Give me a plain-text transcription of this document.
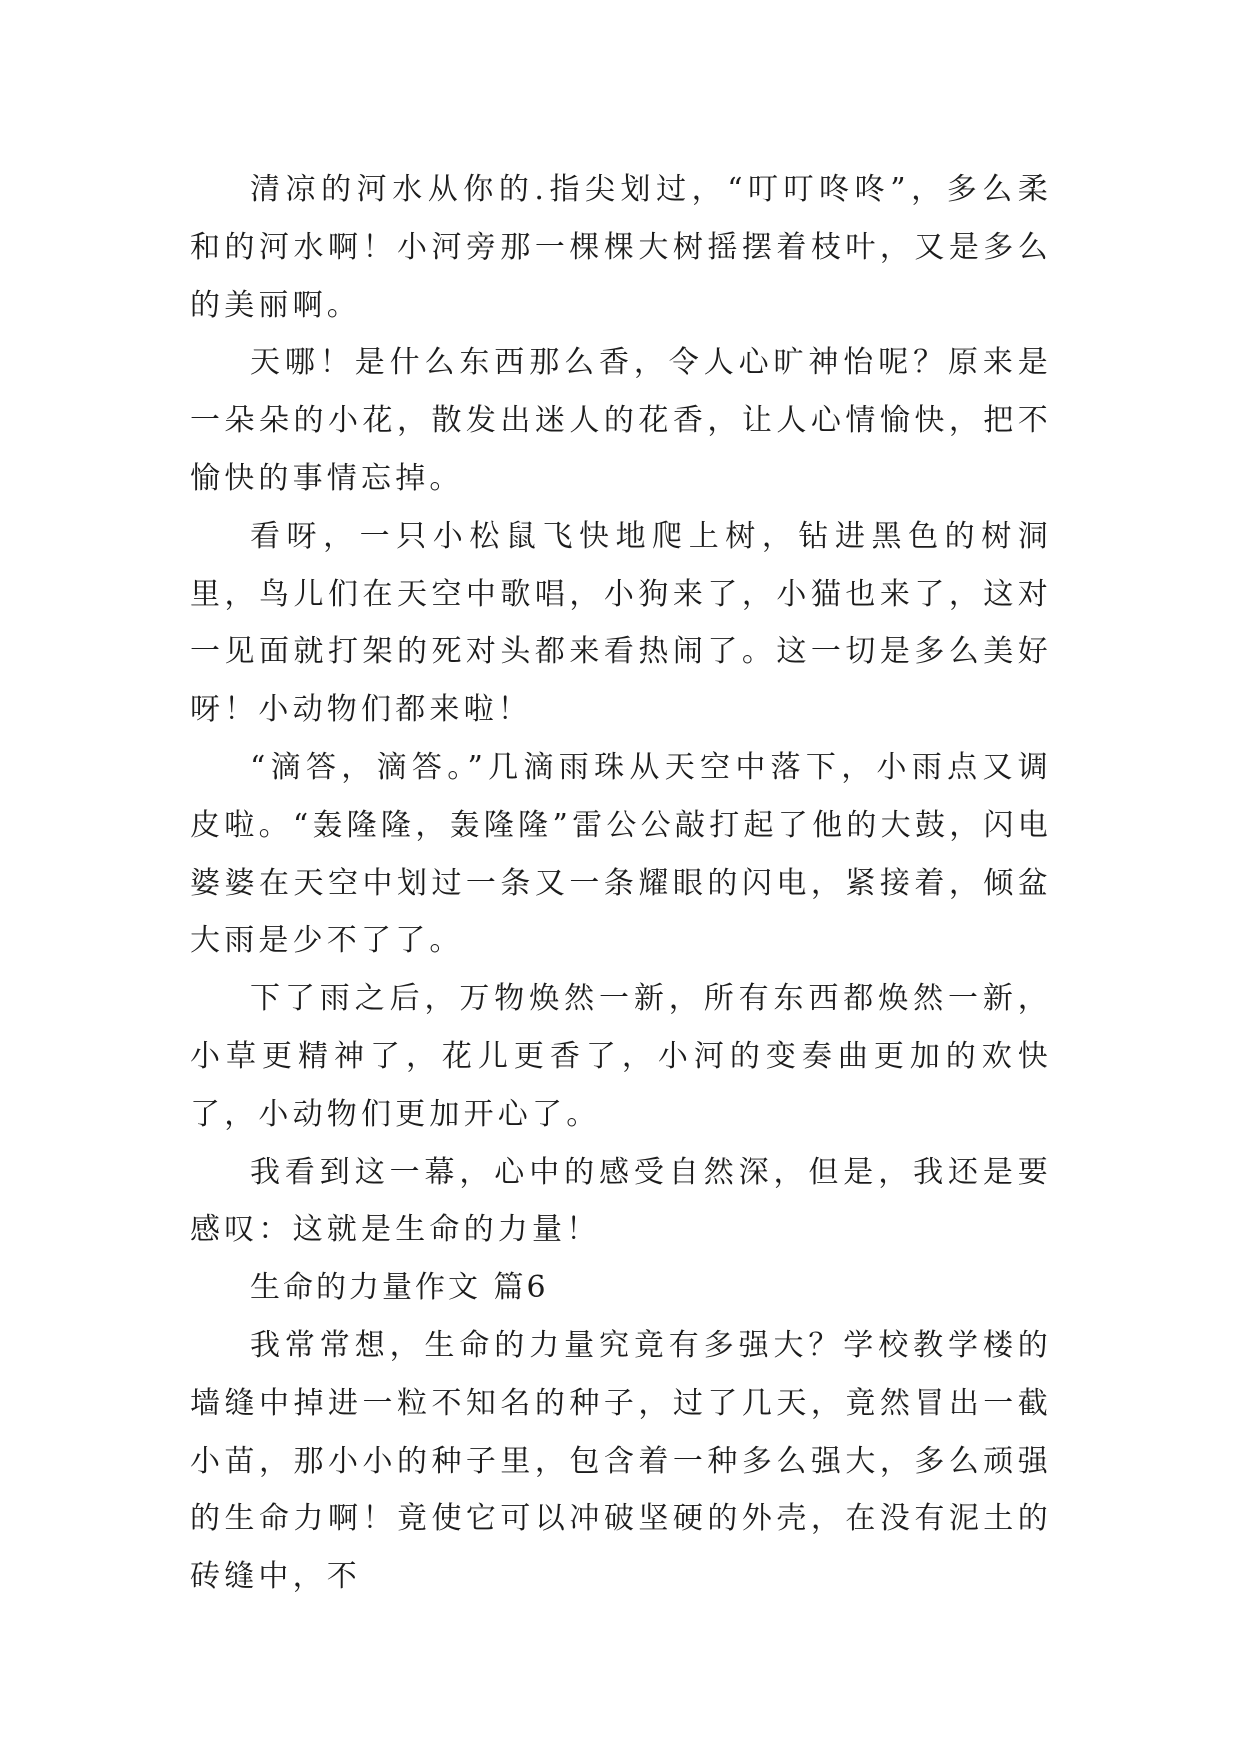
清凉的河水从你的.指尖划过，“叮叮咚咚”，多么柔和的河水啊！小河旁那一棵棵大树摇摆着枝叶，又是多么的美丽啊。

天哪！是什么东西那么香，令人心旷神怡呢？原来是一朵朵的小花，散发出迷人的花香，让人心情愉快，把不愉快的事情忘掉。

看呀，一只小松鼠飞快地爬上树，钻进黑色的树洞里，鸟儿们在天空中歌唱，小狗来了，小猫也来了，这对一见面就打架的死对头都来看热闹了。这一切是多么美好呀！小动物们都来啦！

“滴答，滴答。”几滴雨珠从天空中落下，小雨点又调皮啦。“轰隆隆，轰隆隆”雷公公敲打起了他的大鼓，闪电婆婆在天空中划过一条又一条耀眼的闪电，紧接着，倾盆大雨是少不了了。

下了雨之后，万物焕然一新，所有东西都焕然一新，小草更精神了，花儿更香了，小河的变奏曲更加的欢快了，小动物们更加开心了。

我看到这一幕，心中的感受自然深，但是，我还是要感叹：这就是生命的力量！

生命的力量作文 篇6

我常常想，生命的力量究竟有多强大？学校教学楼的墙缝中掉进一粒不知名的种子，过了几天，竟然冒出一截小苗，那小小的种子里，包含着一种多么强大，多么顽强的生命力啊！竟使它可以冲破坚硬的外壳，在没有泥土的砖缝中，不
